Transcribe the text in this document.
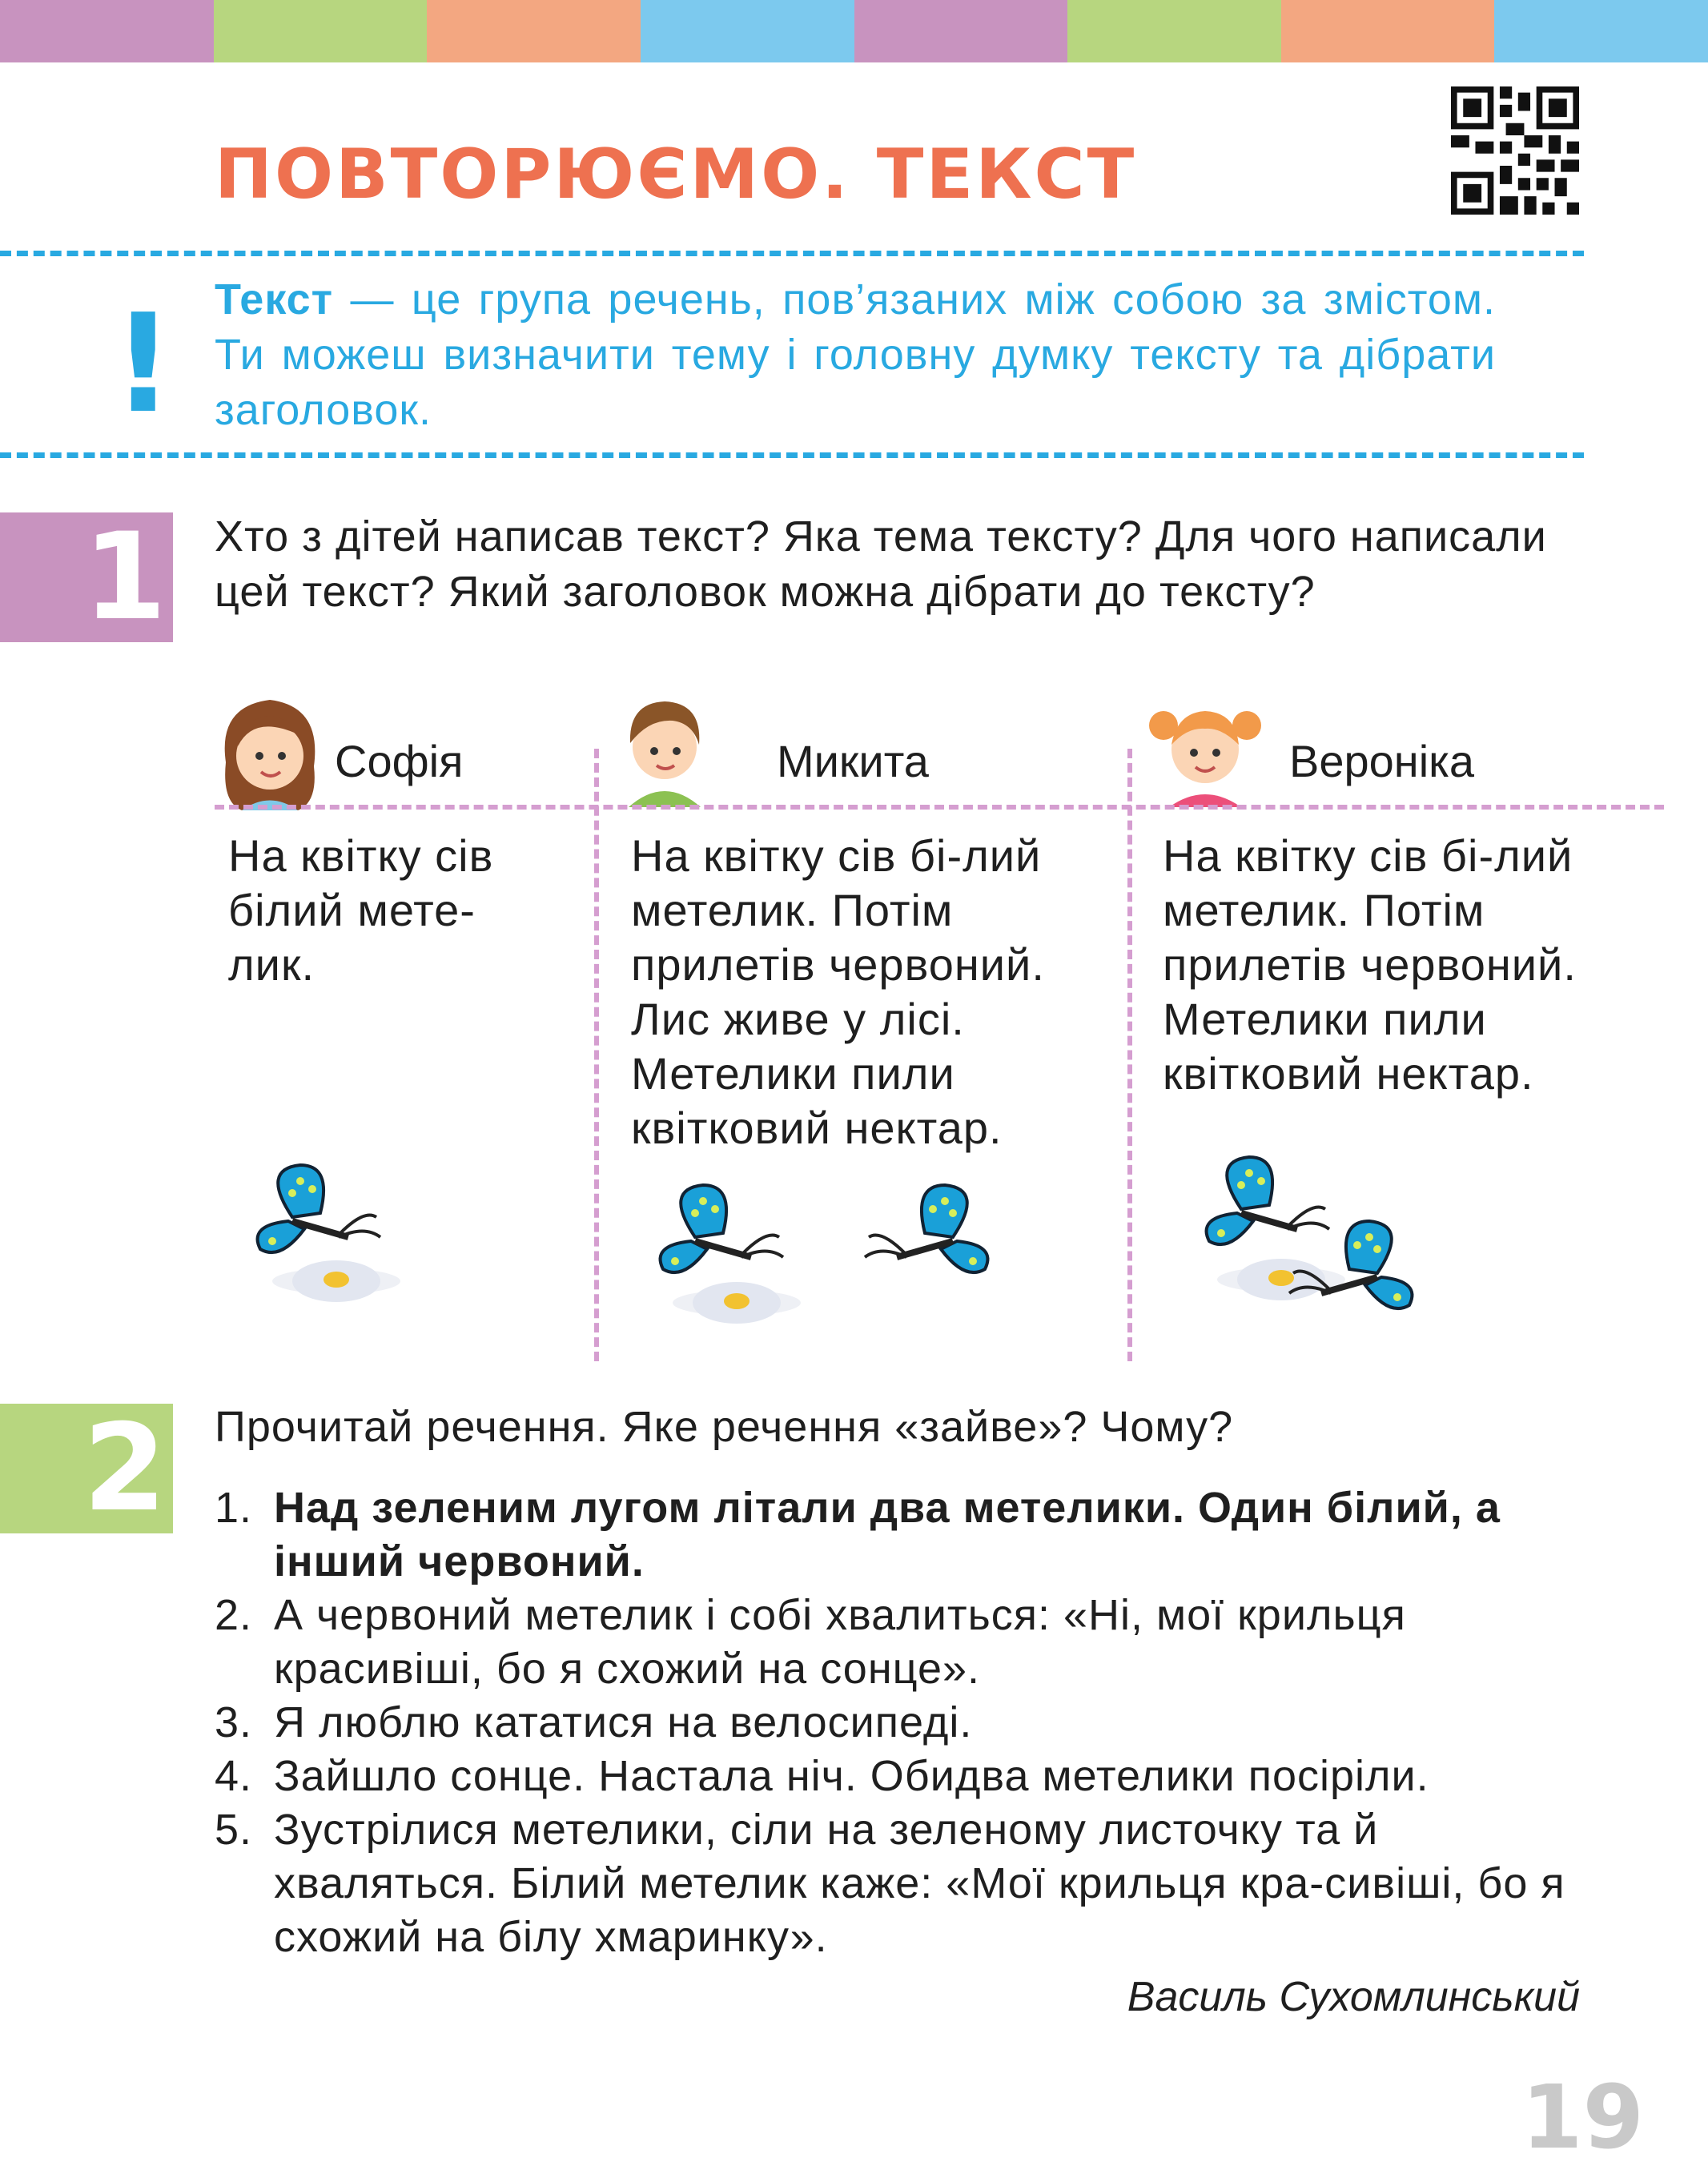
ПОВТОРЮЄМО. ТЕКСТ
! Текст — це група речень, пов’язаних між собою за змістом. Ти можеш визначити тему і головну думку тексту та дібрати заголовок.
1 Хто з дітей написав текст? Яка тема тексту? Для чого написали цей текст? Який заголовок можна дібрати до тексту?
Софія	Микита	Вероніка
На квітку сів білий мете-лик.
На квітку сів бі-лий метелик. Потім прилетів червоний. Лис живе у лісі. Метелики пили квітковий нектар.
На квітку сів бі-лий метелик. Потім прилетів червоний. Метелики пили квітковий нектар.
2 Прочитай речення. Яке речення «зайве»? Чому?
1. Над зеленим лугом літали два метелики. Один білий, а інший червоний.
2. А червоний метелик і собі хвалиться: «Ні, мої крильця красивіші, бо я схожий на сонце».
3. Я люблю кататися на велосипеді.
4. Зайшло сонце. Настала ніч. Обидва метелики посіріли.
5. Зустрілися метелики, сіли на зеленому листочку та й хваляться. Білий метелик каже: «Мої крильця кра-сивіші, бо я схожий на білу хмаринку».
Василь Сухомлинський
19
